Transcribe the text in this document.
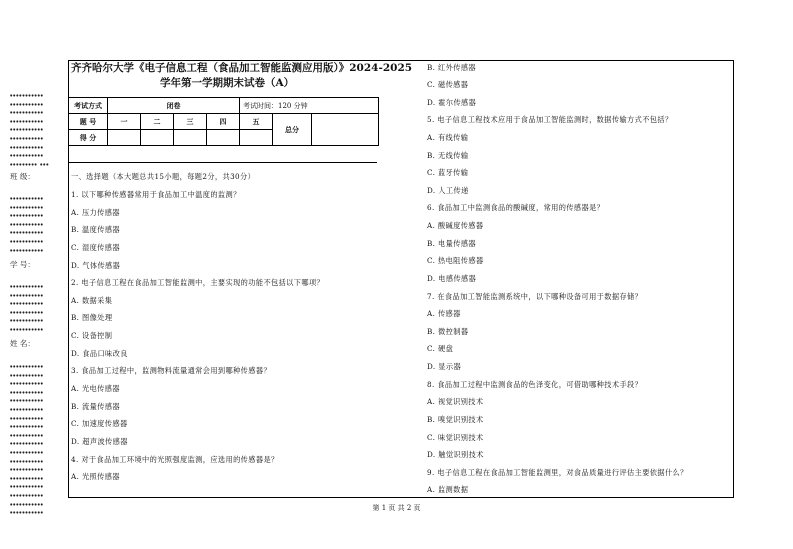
•••••••••••
•••••••••••
•••••••••••
•••••••••••
•••••••••••
•••••••••••
•••••••••••
•••••••••••
••••••••• •••
班 级：
•••••••••••
•••••••••••
•••••••••••
•••••••••••
•••••••••••
•••••••••••
•••••••••••
学 号：
•••••••••••
•••••••••••
•••••••••••
•••••••••••
•••••••••••
•••••••••••
姓 名：
•••••••••••
•••••••••••
•••••••••••
•••••••••••
•••••••••••
•••••••••••
•••••••••••
•••••••••••
•••••••••••
•••••••••••
•••••••••••
•••••••••••
•••••••••••
•••••••••••
•••••••••••
•••••••••••
•••••••••••
•••••••••••
齐齐哈尔大学《电子信息工程（食品加工智能监测应用版）》2024-2025
学年第一学期期末试卷（A）
考试方式	闭卷				考试时间：120 分钟		
题 号	一	二	三	四	五	总分	
得 分							
一、选择题（本大题总共15小题，每题2分，共30分）
1. 以下哪种传感器常用于食品加工中温度的监测？
A. 压力传感器
B. 温度传感器
C. 湿度传感器
D. 气体传感器
2. 电子信息工程在食品加工智能监测中，主要实现的功能不包括以下哪项？
A. 数据采集
B. 图像处理
C. 设备控制
D. 食品口味改良
3. 食品加工过程中，监测物料流量通常会用到哪种传感器？
A. 光电传感器
B. 流量传感器
C. 加速度传感器
D. 超声波传感器
4. 对于食品加工环境中的光照强度监测，应选用的传感器是？
A. 光照传感器
B. 红外传感器
C. 磁传感器
D. 霍尔传感器
5. 电子信息工程技术应用于食品加工智能监测时，数据传输方式不包括？
A. 有线传输
B. 无线传输
C. 蓝牙传输
D. 人工传递
6. 食品加工中监测食品的酸碱度，常用的传感器是？
A. 酸碱度传感器
B. 电量传感器
C. 热电阻传感器
D. 电感传感器
7. 在食品加工智能监测系统中，以下哪种设备可用于数据存储？
A. 传感器
B. 微控制器
C. 硬盘
D. 显示器
8. 食品加工过程中监测食品的色泽变化，可借助哪种技术手段？
A. 视觉识别技术
B. 嗅觉识别技术
C. 味觉识别技术
D. 触觉识别技术
9. 电子信息工程在食品加工智能监测里，对食品质量进行评估主要依据什么？
A. 监测数据
第 1 页 共 2 页
